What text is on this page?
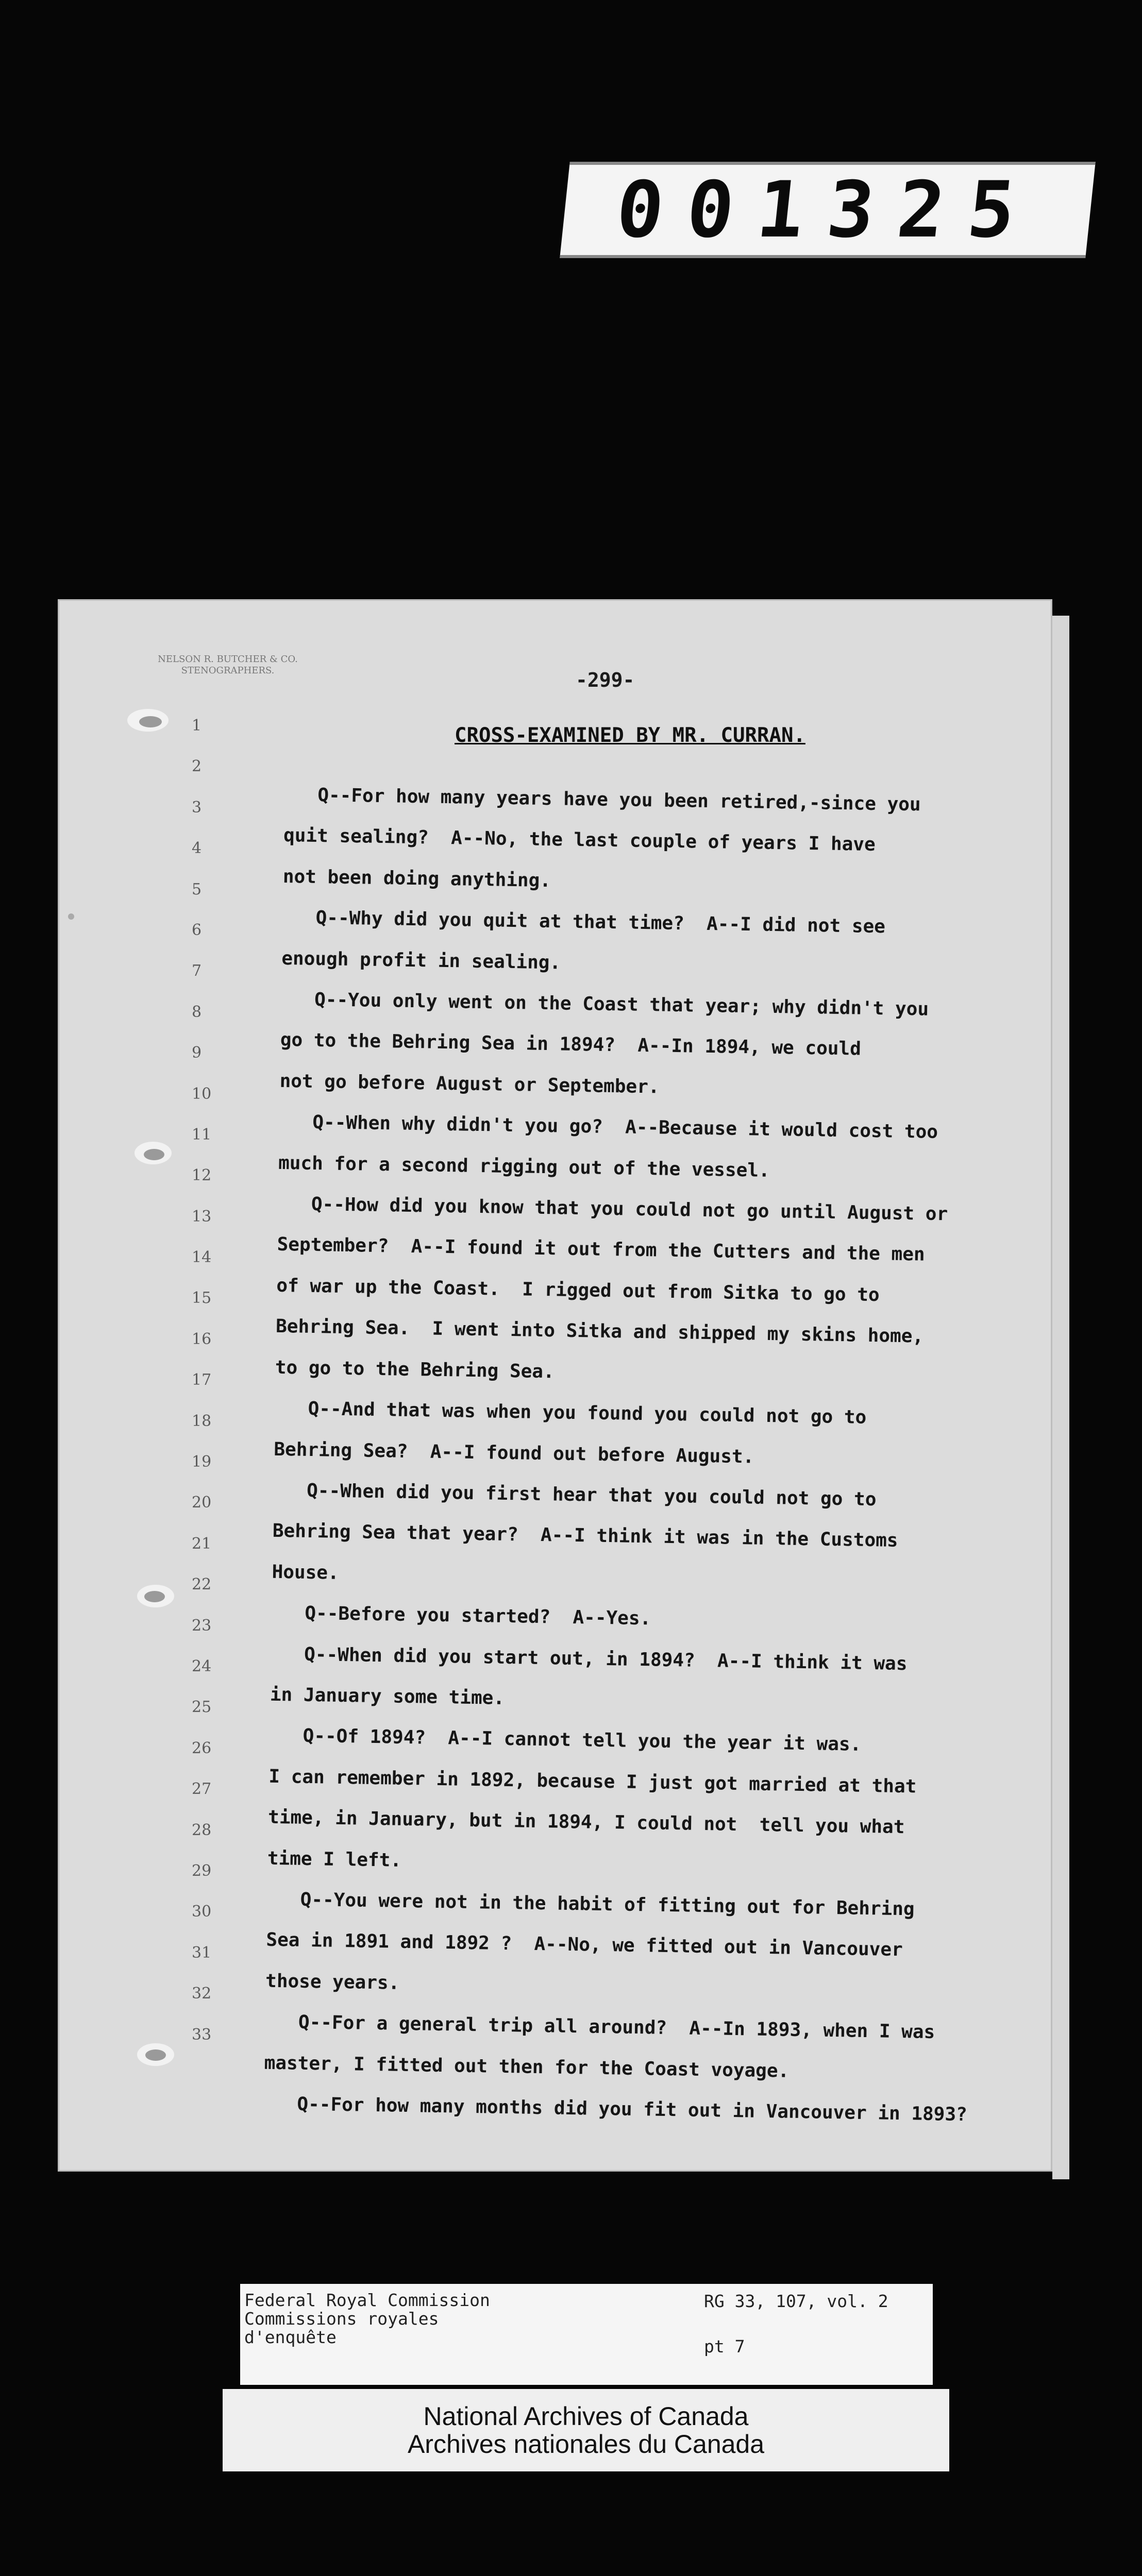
001325
NELSON R. BUTCHER & CO.
STENOGRAPHERS.	-299-
1
2
3
4
5
6
7
8
9
10
11
12
13
14
15
16
17
18
19
20
21
22
23
24
25
26
27
28
29
30
31
32
33
CROSS-EXAMINED BY MR. CURRAN.

Q--For how many years have you been retired,-since you

quit sealing?  A--No, the last couple of years I have

not been doing anything.

Q--Why did you quit at that time?  A--I did not see

enough profit in sealing.

Q--You only went on the Coast that year; why didn't you

go to the Behring Sea in 1894?  A--In 1894, we could

not go before August or September.

Q--When why didn't you go?  A--Because it would cost too

much for a second rigging out of the vessel.

Q--How did you know that you could not go until August or

September?  A--I found it out from the Cutters and the men

of war up the Coast.  I rigged out from Sitka to go to

Behring Sea.  I went into Sitka and shipped my skins home,

to go to the Behring Sea.

Q--And that was when you found you could not go to

Behring Sea?  A--I found out before August.

Q--When did you first hear that you could not go to

Behring Sea that year?  A--I think it was in the Customs

House.

Q--Before you started?  A--Yes.

Q--When did you start out, in 1894?  A--I think it was

in January some time.

Q--Of 1894?  A--I cannot tell you the year it was.

I can remember in 1892, because I just got married at that

time, in January, but in 1894, I could not  tell you what

time I left.

Q--You were not in the habit of fitting out for Behring

Sea in 1891 and 1892 ?  A--No, we fitted out in Vancouver

those years.

Q--For a general trip all around?  A--In 1893, when I was

master, I fitted out then for the Coast voyage.

Q--For how many months did you fit out in Vancouver in 1893?

Federal Royal Commission
Commissions royales
d'enquête
RG 33, 107, vol. 2
pt 7
National Archives of Canada
Archives nationales du Canada
